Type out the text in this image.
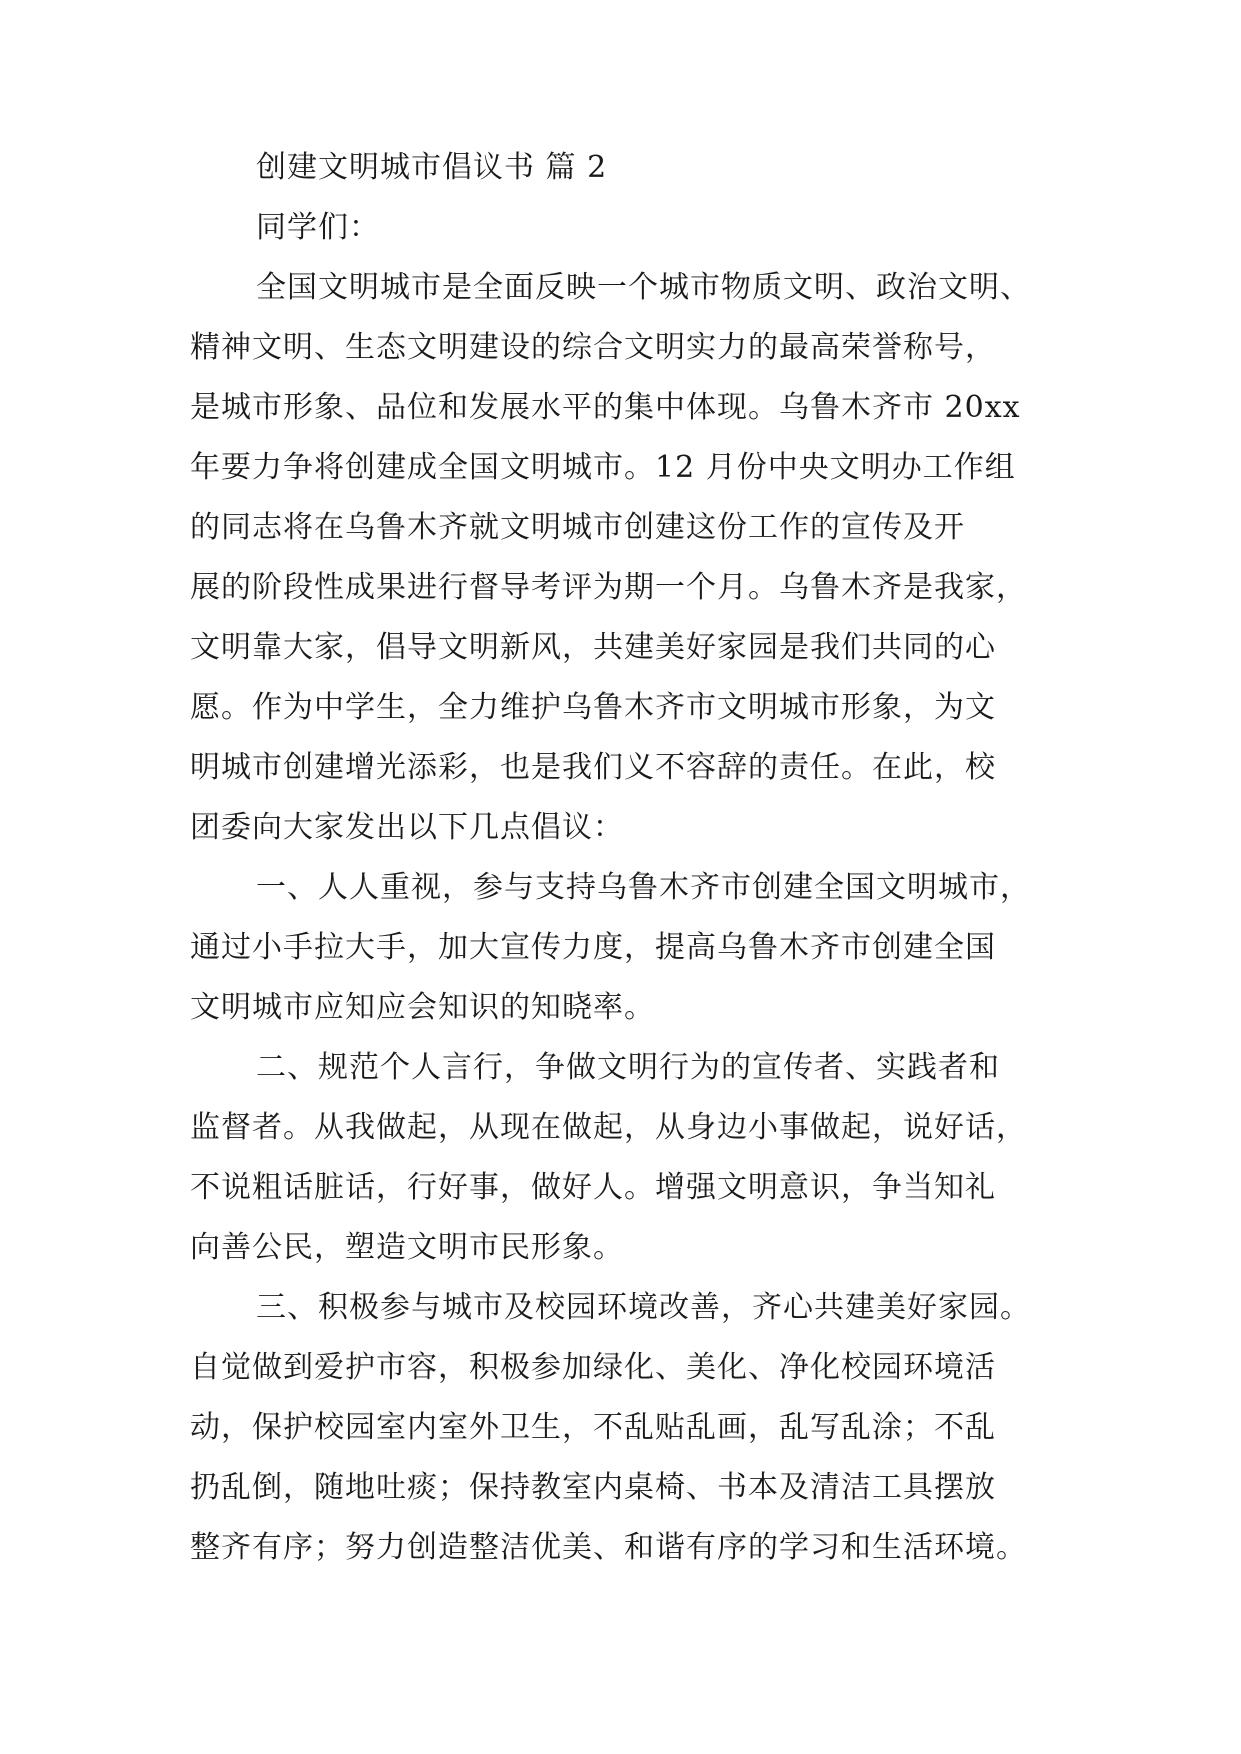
创建文明城市倡议书 篇 2
同学们：
全国文明城市是全面反映一个城市物质文明、政治文明、
精神文明、生态文明建设的综合文明实力的最高荣誉称号，
是城市形象、品位和发展水平的集中体现。乌鲁木齐市 20xx
年要力争将创建成全国文明城市。12 月份中央文明办工作组
的同志将在乌鲁木齐就文明城市创建这份工作的宣传及开
展的阶段性成果进行督导考评为期一个月。乌鲁木齐是我家，
文明靠大家，倡导文明新风，共建美好家园是我们共同的心
愿。作为中学生，全力维护乌鲁木齐市文明城市形象，为文
明城市创建增光添彩，也是我们义不容辞的责任。在此，校
团委向大家发出以下几点倡议：
一、人人重视，参与支持乌鲁木齐市创建全国文明城市，
通过小手拉大手，加大宣传力度，提高乌鲁木齐市创建全国
文明城市应知应会知识的知晓率。
二、规范个人言行，争做文明行为的宣传者、实践者和
监督者。从我做起，从现在做起，从身边小事做起，说好话，
不说粗话脏话，行好事，做好人。增强文明意识，争当知礼
向善公民，塑造文明市民形象。
三、积极参与城市及校园环境改善，齐心共建美好家园。
自觉做到爱护市容，积极参加绿化、美化、净化校园环境活
动，保护校园室内室外卫生，不乱贴乱画，乱写乱涂；不乱
扔乱倒，随地吐痰；保持教室内桌椅、书本及清洁工具摆放
整齐有序；努力创造整洁优美、和谐有序的学习和生活环境。
